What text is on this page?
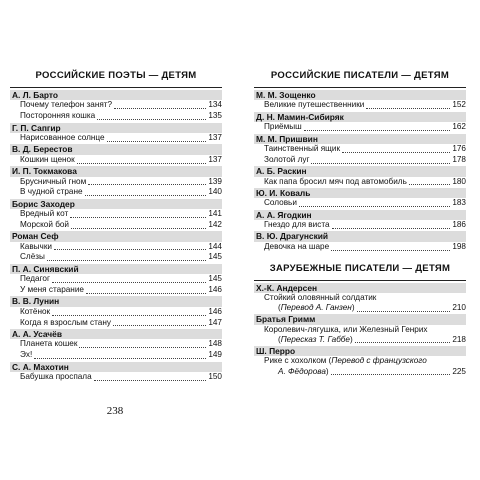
РОССИЙСКИЕ ПОЭТЫ — ДЕТЯМ
А. Л. Барто
Почему телефон занят?	134
Посторонняя кошка	135
Г. П. Сапгир
Нарисованное солнце	137
В. Д. Берестов
Кошкин щенок	137
И. П. Токмакова
Брусничный гном	139
В чудной стране	140
Борис Заходер
Вредный кот	141
Морской бой	142
Роман Сеф
Кавычки	144
Слёзы	145
П. А. Синявский
Педагог	145
У меня старание	146
В. В. Лунин
Котёнок	146
Когда я взрослым стану	147
А. А. Усачёв
Планета кошек	148
Эх!	149
С. А. Махотин
Бабушка проспала	150
РОССИЙСКИЕ ПИСАТЕЛИ — ДЕТЯМ
М. М. Зощенко
Великие путешественники	152
Д. Н. Мамин-Сибиряк
Приёмыш	162
М. М. Пришвин
Таинственный ящик	176
Золотой луг	178
А. Б. Раскин
Как папа бросил мяч под автомобиль	180
Ю. И. Коваль
Соловьи	183
А. А. Ягодкин
Гнездо для виста	186
В. Ю. Драгунский
Девочка на шаре	198
ЗАРУБЕЖНЫЕ ПИСАТЕЛИ — ДЕТЯМ
Х.-К. Андерсен
Стойкий оловянный солдатик
( Перевод А. Ганзен )	210
Братья Гримм
Королевич-лягушка, или Железный Генрих
( Пересказ Т. Габбе )	218
Ш. Перро
Рике с хохолком ( Перевод с французского
А. Фёдорова )	225
238
